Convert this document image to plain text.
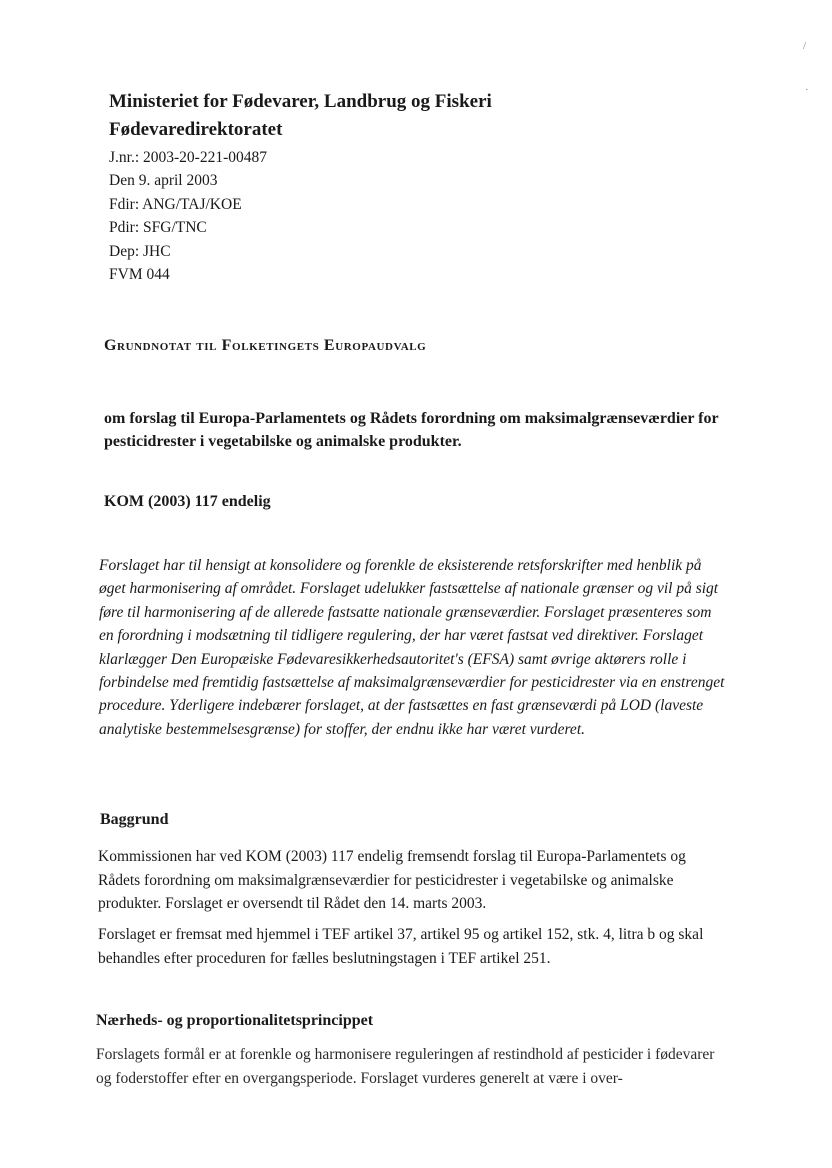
/
·

Ministeriet for Fødevarer, Landbrug og Fiskeri

Fødevaredirektoratet

J.nr.: 2003-20-221-00487

Den 9. april 2003

Fdir: ANG/TAJ/KOE

Pdir: SFG/TNC

Dep: JHC

FVM 044

Grundnotat til Folketingets Europaudvalg

om forslag til Europa-Parlamentets og Rådets forordning om maksimalgrænseværdier for pesticidrester i vegetabilske og animalske produkter.

KOM (2003) 117 endelig

Forslaget har til hensigt at konsolidere og forenkle de eksisterende retsforskrifter med henblik på øget harmonisering af området. Forslaget udelukker fastsættelse af nationale grænser og vil på sigt føre til harmonisering af de allerede fastsatte nationale grænseværdier. Forslaget præsenteres som en forordning i modsætning til tidligere regulering, der har været fastsat ved direktiver. Forslaget klarlægger Den Europæiske Fødevaresikkerhedsautoritet's (EFSA) samt øvrige aktørers rolle i forbindelse med fremtidig fastsættelse af maksimalgrænseværdier for pesticidrester via en enstrenget procedure. Yderligere indebærer forslaget, at der fastsættes en fast grænseværdi på LOD (laveste analytiske bestemmelsesgrænse) for stoffer, der endnu ikke har været vurderet.

Baggrund

Kommissionen har ved KOM (2003) 117 endelig fremsendt forslag til Europa-Parlamentets og Rådets forordning om maksimalgrænseværdier for pesticidrester i vegetabilske og animalske produkter. Forslaget er oversendt til Rådet den 14. marts 2003.

Forslaget er fremsat med hjemmel i TEF artikel 37, artikel 95 og artikel 152, stk. 4, litra b og skal behandles efter proceduren for fælles beslutningstagen i TEF artikel 251.

Nærheds- og proportionalitetsprincippet

Forslagets formål er at forenkle og harmonisere reguleringen af restindhold af pesticider i fødevarer og foderstoffer efter en overgangsperiode. Forslaget vurderes generelt at være i over-
